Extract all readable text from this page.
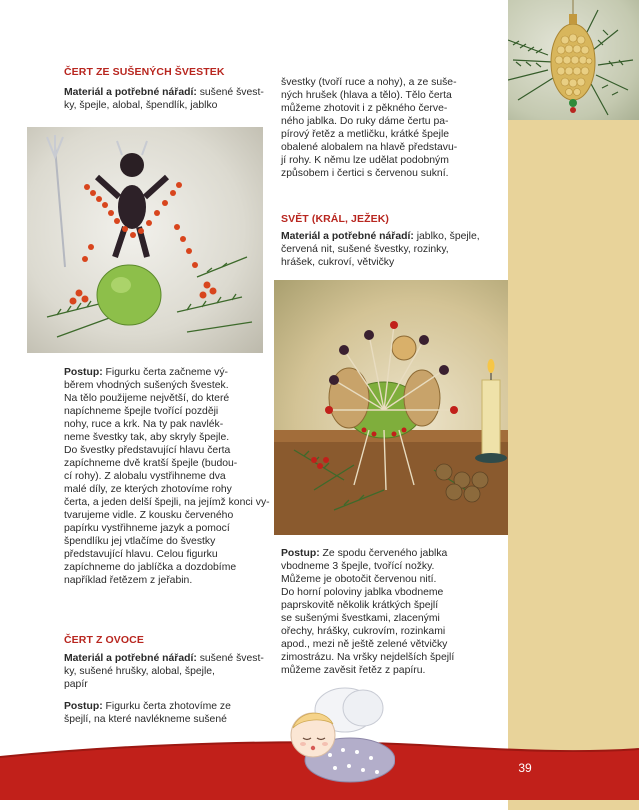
ČERT ZE SUŠENÝCH ŠVESTEK

Materiál a potřebné nářadí: sušené švest-
ky, špejle, alobal, špendlík, jablko

Postup: Figurku čerta začneme vý-
běrem vhodných sušených švestek.
Na tělo použijeme největší, do které
napíchneme špejle tvořící později
nohy, ruce a krk. Na ty pak navlék-
neme švestky tak, aby skryly špejle.
Do švestky představující hlavu čerta
zapíchneme dvě kratší špejle (budou-
cí rohy). Z alobalu vystřihneme dva
malé díly, ze kterých zhotovíme rohy
čerta, a jeden delší špejli, na jejímž konci vy-
tvarujeme vidle. Z kousku červeného
papírku vystřihneme jazyk a pomocí
špendlíku jej vtlačíme do švestky
představující hlavu. Celou figurku
zapíchneme do jablíčka a dozdobíme
například řetězem z jeřabin.

ČERT Z OVOCE

Materiál a potřebné nářadí: sušené švest-
ky, sušené hrušky, alobal, špejle,
papír

Postup: Figurku čerta zhotovíme ze
špejlí, na které navlékneme sušené

švestky (tvoří ruce a nohy), a ze suše-
ných hrušek (hlava a tělo). Tělo čerta
můžeme zhotovit i z pěkného červe-
ného jablka. Do ruky dáme čertu pa-
pírový řetěz a metličku, krátké špejle
obalené alobalem na hlavě představu-
jí rohy. K němu lze udělat podobným
způsobem i čertici s červenou sukní.

SVĚT (KRÁL, JEŽEK)

Materiál a potřebné nářadí: jablko, špejle,
červená nit, sušené švestky, rozinky,
hrášek, cukroví, větvičky

Postup: Ze spodu červeného jablka
vbodneme 3 špejle, tvořící nožky.
Můžeme je obotočit červenou nití.
Do horní poloviny jablka vbodneme
paprskovitě několik krátkých špejlí
se sušenými švestkami, zlacenými
ořechy, hrášky, cukrovím, rozinkami
apod., mezi ně ještě zelené větvičky
zimostrázu. Na vršky nejdelších špejlí
můžeme zavěsit řetěz z papíru.

39
